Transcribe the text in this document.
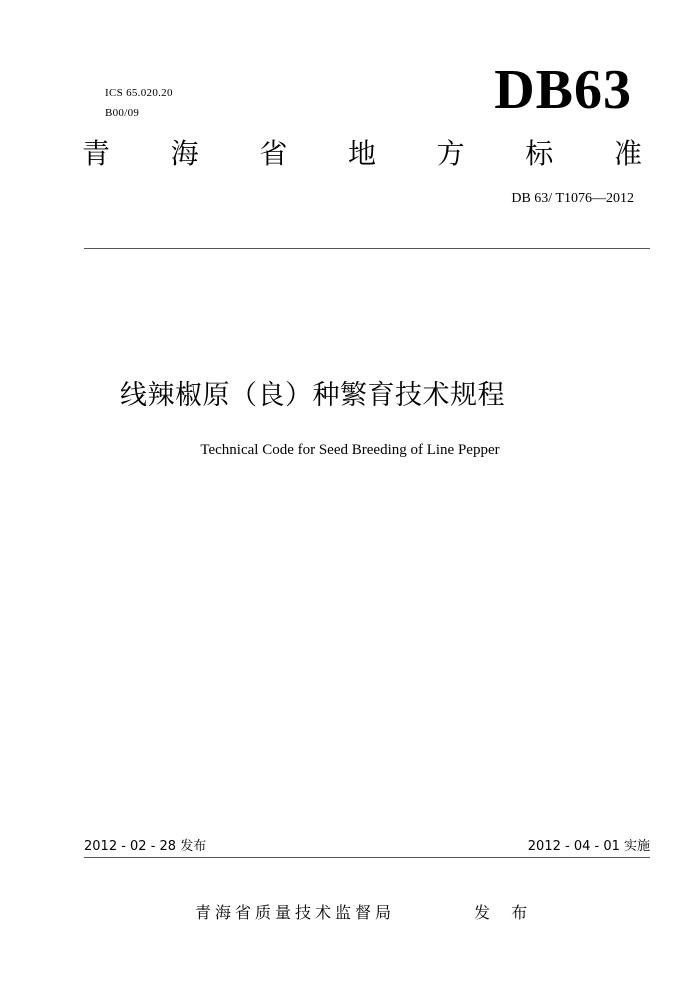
ICS 65.020.20
B00/09	DB63
青 海 省 地 方 标 准
DB 63/ T1076—2012
线辣椒原（良）种繁育技术规程
Technical Code for Seed Breeding of Line Pepper
2012 - 02 - 28 发布	2012 - 04 - 01 实施
青海省质量技术监督局	发 布
